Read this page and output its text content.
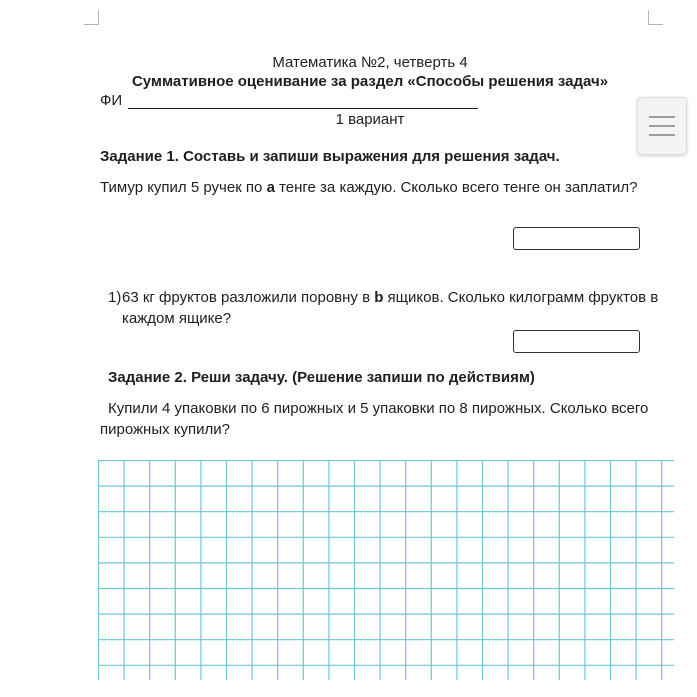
Математика №2, четверть 4
Суммативное оценивание за раздел «Способы решения задач»
ФИ
1 вариант
Задание 1. Составь и запиши выражения для решения задач.
Тимур купил 5 ручек по а тенге за каждую. Сколько всего тенге он заплатил?
1) 63 кг фруктов разложили поровну в b ящиков. Сколько килограмм фруктов в каждом ящике?
Задание 2. Реши задачу. (Решение запиши по действиям)
Купили 4 упаковки по 6 пирожных и 5 упаковки по 8 пирожных. Сколько всего пирожных купили?
